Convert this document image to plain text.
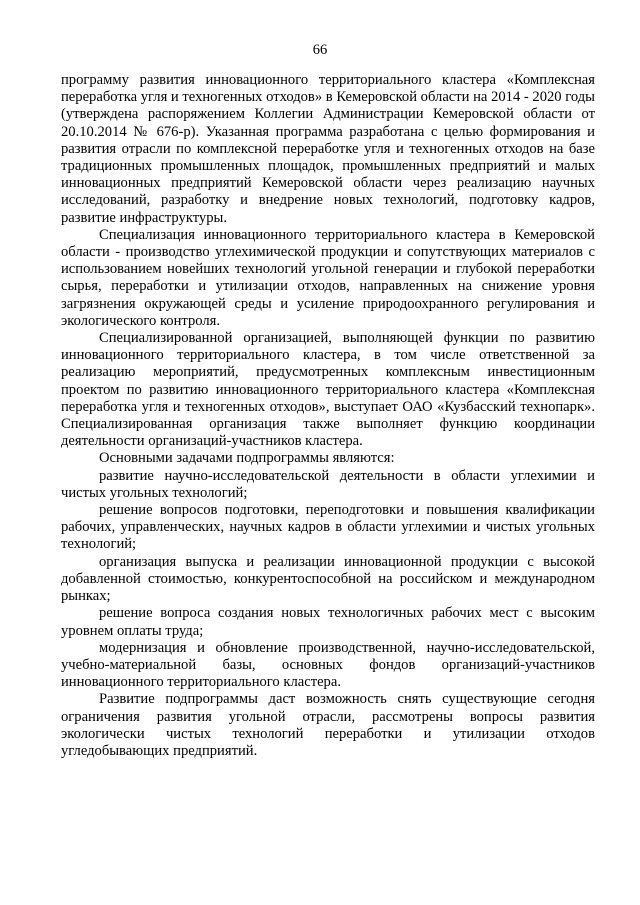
66

программу развития инновационного территориального кластера «Комплексная переработка угля и техногенных отходов» в Кемеровской области на 2014 - 2020 годы (утверждена распоряжением Коллегии Администрации Кемеровской области от 20.10.2014 № 676-р). Указанная программа разработана с целью формирования и развития отрасли по комплексной переработке угля и техногенных отходов на базе традиционных промышленных площадок, промышленных предприятий и малых инновационных предприятий Кемеровской области через реализацию научных исследований, разработку и внедрение новых технологий, подготовку кадров, развитие инфраструктуры.

Специализация инновационного территориального кластера в Кемеровской области - производство углехимической продукции и сопутствующих материалов с использованием новейших технологий угольной генерации и глубокой переработки сырья, переработки и утилизации отходов, направленных на снижение уровня загрязнения окружающей среды и усиление природоохранного регулирования и экологического контроля.

Специализированной организацией, выполняющей функции по развитию инновационного территориального кластера, в том числе ответственной за реализацию мероприятий, предусмотренных комплексным инвестиционным проектом по развитию инновационного территориального кластера «Комплексная переработка угля и техногенных отходов», выступает ОАО «Кузбасский технопарк». Специализированная организация также выполняет функцию координации деятельности организаций-участников кластера.

Основными задачами подпрограммы являются:

развитие научно-исследовательской деятельности в области углехимии и чистых угольных технологий;

решение вопросов подготовки, переподготовки и повышения квалификации рабочих, управленческих, научных кадров в области углехимии и чистых угольных технологий;

организация выпуска и реализации инновационной продукции с высокой добавленной стоимостью, конкурентоспособной на российском и международном рынках;

решение вопроса создания новых технологичных рабочих мест с высоким уровнем оплаты труда;

модернизация и обновление производственной, научно-исследовательской, учебно-материальной базы, основных фондов организаций-участников инновационного территориального кластера.

Развитие подпрограммы даст возможность снять существующие сегодня ограничения развития угольной отрасли, рассмотрены вопросы развития экологически чистых технологий переработки и утилизации отходов угледобывающих предприятий.
